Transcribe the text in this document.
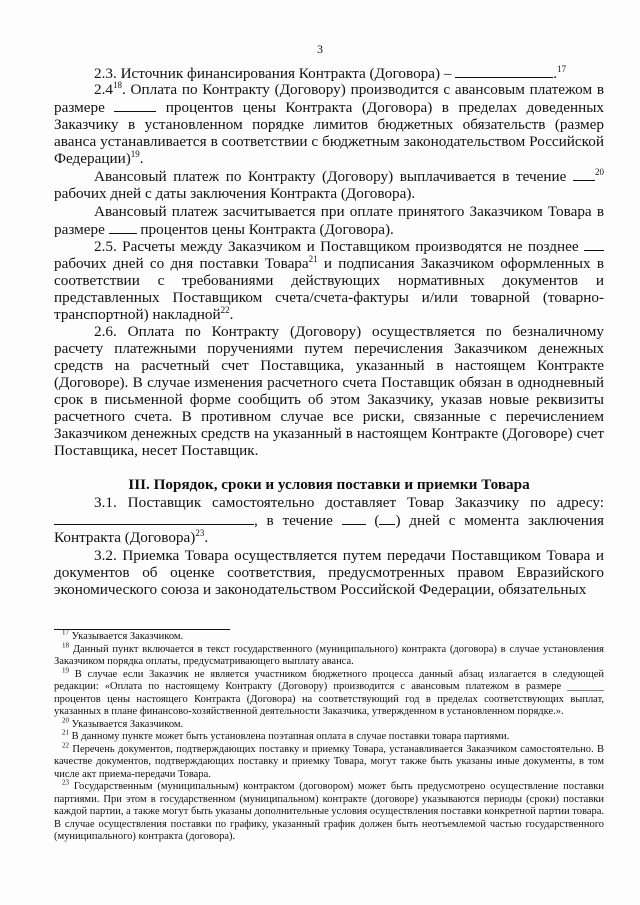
3

2.3. Источник финансирования Контракта (Договора) –	.$^{17}$

$2.4^{18}$. Оплата по Контракту (Договору) производится с авансовым платежом в размере	процентов цены Контракта (Договора) в пределах доведенных Заказчику в установленном порядке лимитов бюджетных обязательств (размер аванса устанавливается в соответствии с бюджетным законодательством Российской Федерации)$^{19}$.

Авансовый платеж по Контракту (Договору) выплачивается в течение	$^{20}$ рабочих дней с даты заключения Контракта (Договора).

Авансовый платеж засчитывается при оплате принятого Заказчиком Товара в размере процентов цены Контракта (Договора).

2.5. Расчеты между Заказчиком и Поставщиком производятся не позднее  рабочих дней со дня поставки Товара$^{21}$ и подписания Заказчиком оформленных в соответствии с требованиями действующих нормативных документов и представленных Поставщиком счета/счета-фактуры и/или товарной (товарно-транспортной) накладной$^{22}$.

2.6. Оплата по Контракту (Договору) осуществляется по безналичному расчету платежными поручениями путем перечисления Заказчиком денежных средств на расчетный счет Поставщика, указанный в настоящем Контракте (Договоре). В случае изменения расчетного счета Поставщик обязан в однодневный срок в письменной форме сообщить об этом Заказчику, указав новые реквизиты расчетного счета. В противном случае все риски, связанные с перечислением Заказчиком денежных средств на указанный в настоящем Контракте (Договоре) счет Поставщика, несет Поставщик.

III. Порядок, сроки и условия поставки и приемки Товара

3.1. Поставщик самостоятельно доставляет Товар Заказчику по адресу: , в течение	( ) дней с момента заключения Контракта (Договора)$^{23}$.

3.2. Приемка Товара осуществляется путем передачи Поставщиком Товара и документов об оценке соответствия, предусмотренных правом Евразийского экономического союза и законодательством Российской Федерации, обязательных

$^{17}$ Указывается Заказчиком.

$^{18}$ Данный пункт включается в текст государственного (муниципального) контракта (договора) в случае установления Заказчиком порядка оплаты, предусматривающего выплату аванса.

$^{19}$ В случае если Заказчик не является участником бюджетного процесса данный абзац излагается в следующей редакции: «Оплата по настоящему Контракту (Договору) производится с авансовым платежом в размере _______ процентов цены настоящего Контракта (Договора) на соответствующий год в пределах соответствующих выплат, указанных в плане финансово-хозяйственной деятельности Заказчика, утвержденном в установленном порядке.».

$^{20}$ Указывается Заказчиком.

$^{21}$ В данному пункте может быть установлена поэтапная оплата в случае поставки товара партиями.

$^{22}$ Перечень документов, подтверждающих поставку и приемку Товара, устанавливается Заказчиком самостоятельно. В качестве документов, подтверждающих поставку и приемку Товара, могут также быть указаны иные документы, в том числе акт приема-передачи Товара.

$^{23}$ Государственным (муниципальным) контрактом (договором) может быть предусмотрено осуществление поставки партиями. При этом в государственном (муниципальном) контракте (договоре) указываются периоды (сроки) поставки каждой партии, а также могут быть указаны дополнительные условия осуществления поставки конкретной партии товара. В случае осуществления поставки по графику, указанный график должен быть неотъемлемой частью государственного (муниципального) контракта (договора).
